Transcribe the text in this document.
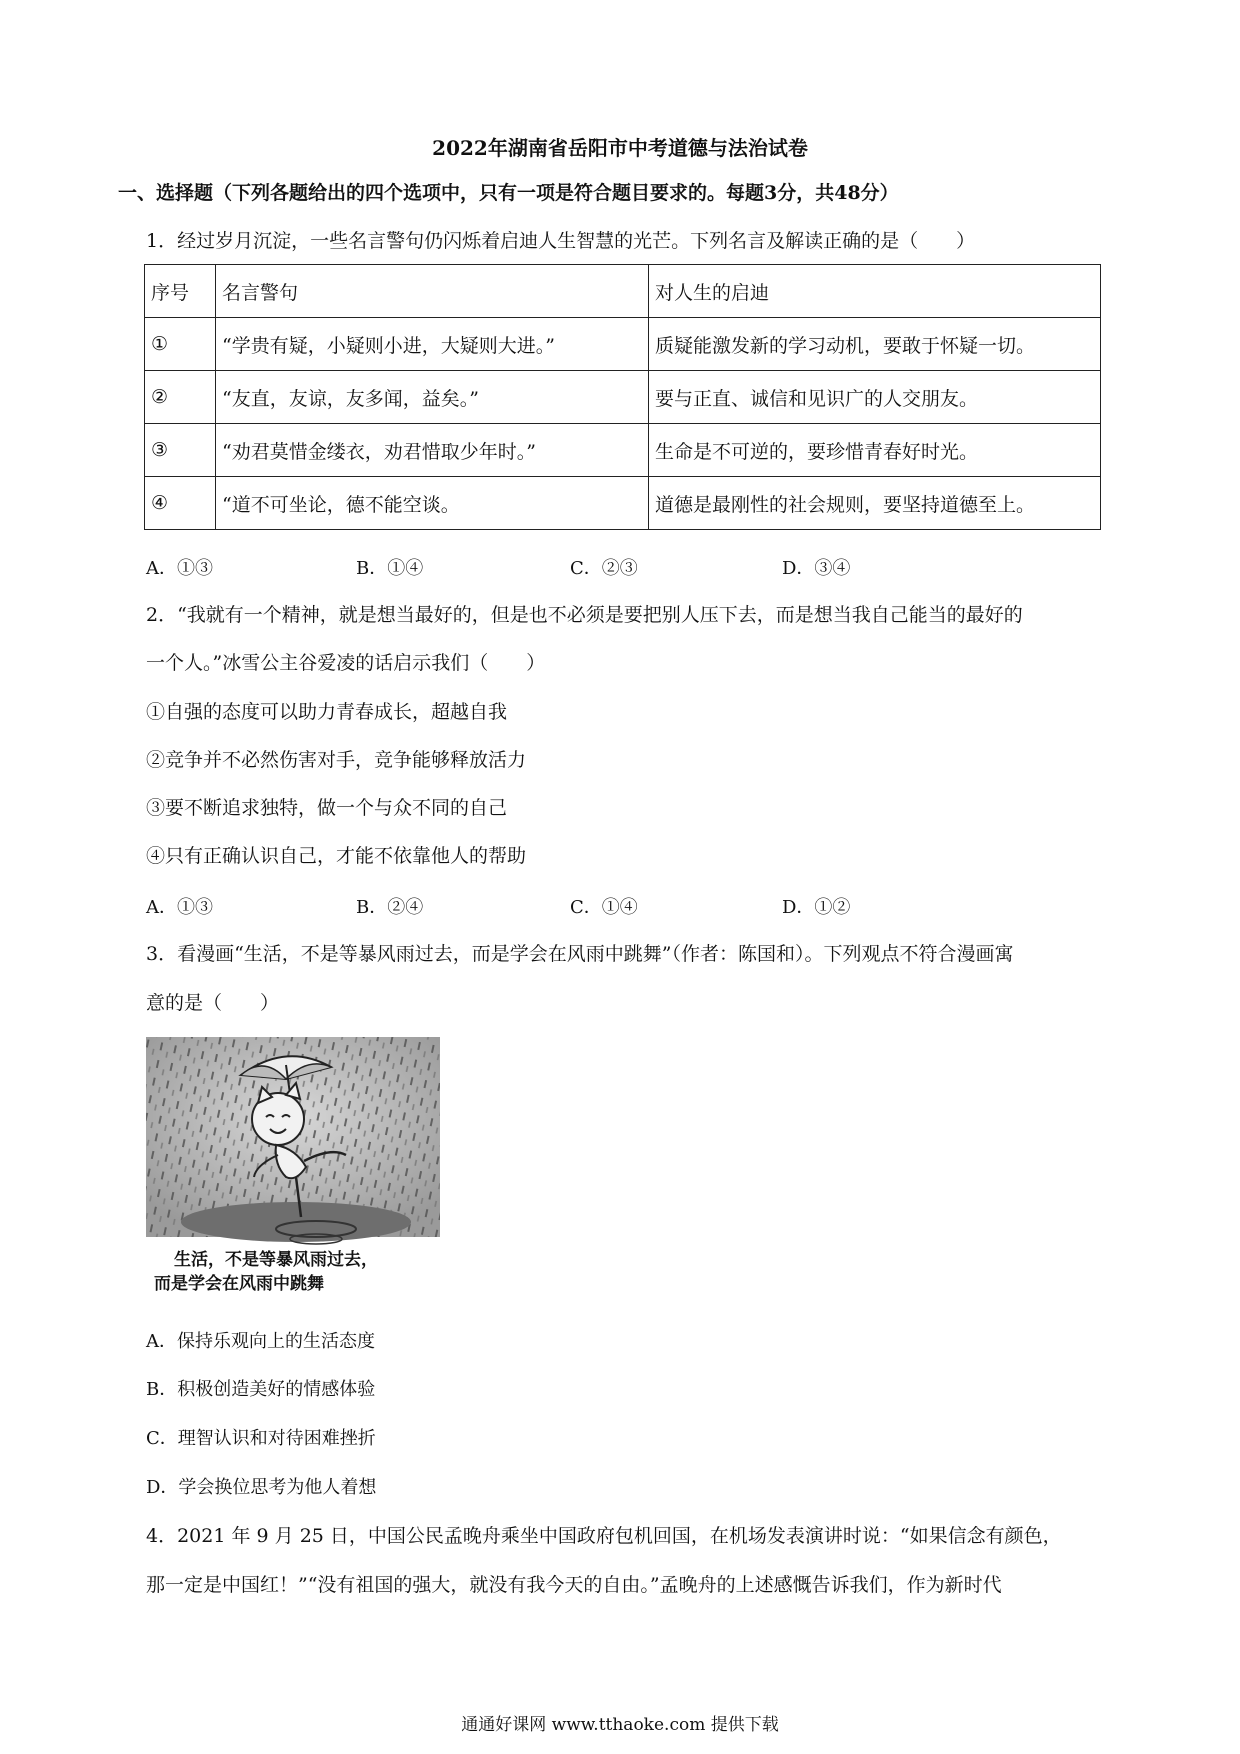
2022年湖南省岳阳市中考道德与法治试卷
一、选择题（下列各题给出的四个选项中，只有一项是符合题目要求的。每题3分，共48分）
1．经过岁月沉淀，一些名言警句仍闪烁着启迪人生智慧的光芒。下列名言及解读正确的是（　　）
序号	名言警句	对人生的启迪
①	“学贵有疑，小疑则小进，大疑则大进。”	质疑能激发新的学习动机，要敢于怀疑一切。
②	“友直，友谅，友多闻，益矣。”	要与正直、诚信和见识广的人交朋友。
③	“劝君莫惜金缕衣，劝君惜取少年时。”	生命是不可逆的，要珍惜青春好时光。
④	“道不可坐论，德不能空谈。	道德是最刚性的社会规则，要坚持道德至上。
A．①③	B．①④	C．②③	D．③④
2．“我就有一个精神，就是想当最好的，但是也不必须是要把别人压下去，而是想当我自己能当的最好的
一个人。”冰雪公主谷爱凌的话启示我们（　　）
①自强的态度可以助力青春成长，超越自我
②竞争并不必然伤害对手，竞争能够释放活力
③要不断追求独特，做一个与众不同的自己
④只有正确认识自己，才能不依靠他人的帮助
A．①③	B．②④	C．①④	D．①②
3．看漫画“生活，不是等暴风雨过去，而是学会在风雨中跳舞”（作者：陈国和）。下列观点不符合漫画寓
意的是（　　）
生活，不是等暴风雨过去，
而是学会在风雨中跳舞
A．保持乐观向上的生活态度
B．积极创造美好的情感体验
C．理智认识和对待困难挫折
D．学会换位思考为他人着想
4．2021 年 9 月 25 日，中国公民孟晚舟乘坐中国政府包机回国，在机场发表演讲时说：“如果信念有颜色，
那一定是中国红！”“没有祖国的强大，就没有我今天的自由。”孟晚舟的上述感慨告诉我们，作为新时代
通通好课网 www.tthaoke.com 提供下载
